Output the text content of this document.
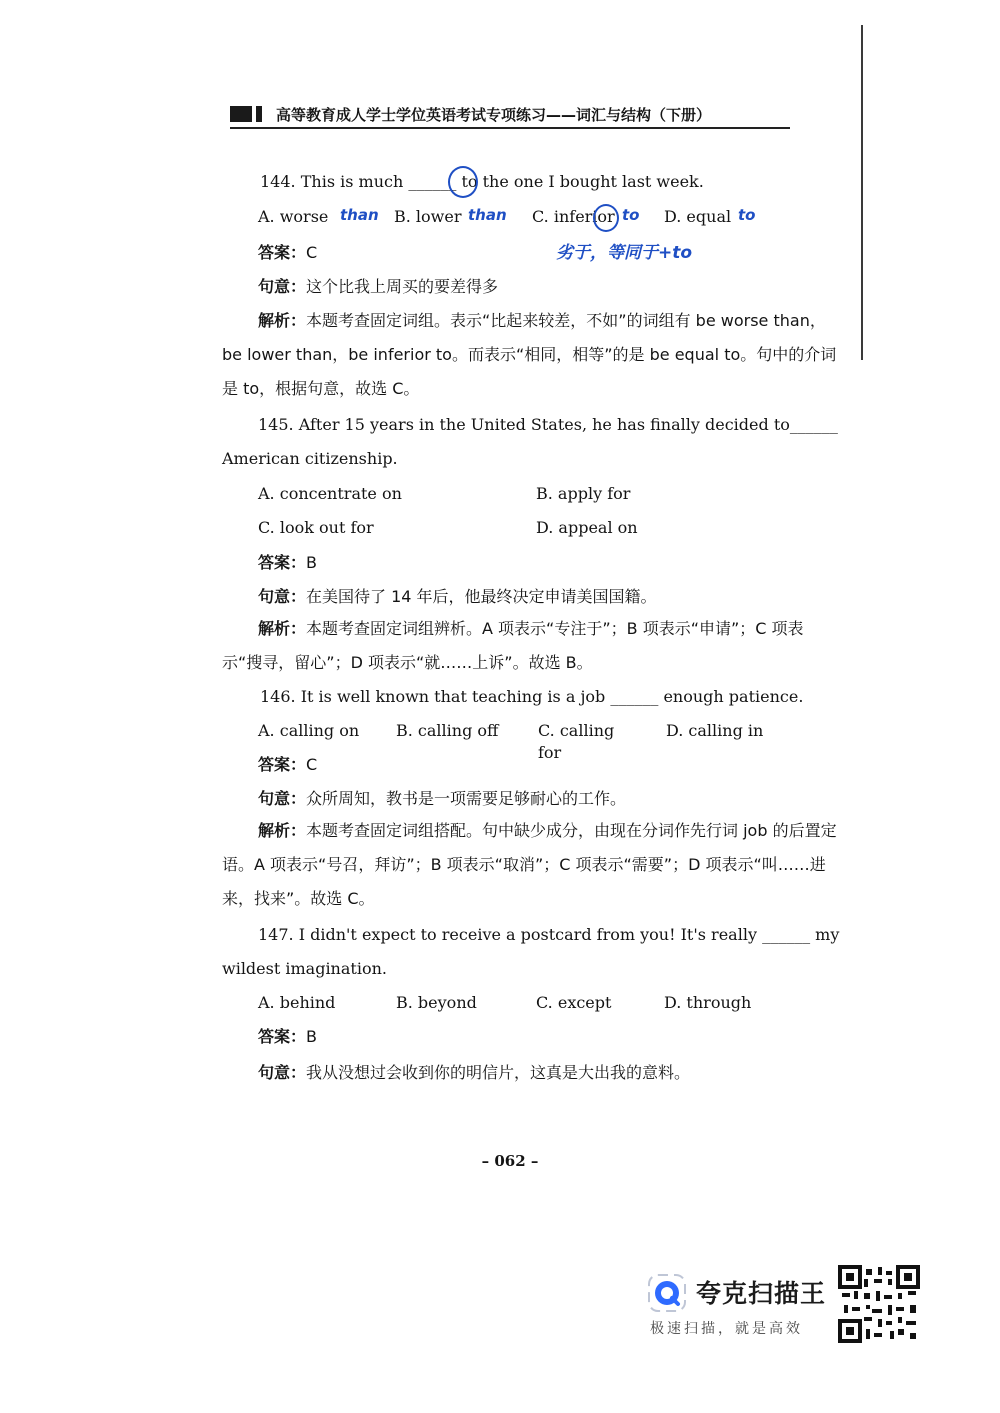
高等教育成人学士学位英语考试专项练习——词汇与结构（下册）
144. This is much ______ to the one I bought last week.
A. worse	B. lower	C. inferior	D. equal
than	than	to	to
答案：C	劣于，等同于+to
句意：这个比我上周买的要差得多
解析：本题考查固定词组。表示“比起来较差，不如”的词组有 be worse than，be lower than，be inferior to。而表示“相同，相等”的是 be equal to。句中的介词是 to，根据句意，故选 C。
145. After 15 years in the United States, he has finally decided to______ American citizenship.
A. concentrate on	B. apply for
C. look out for	D. appeal on
答案：B
句意：在美国待了 14 年后，他最终决定申请美国国籍。
解析：本题考查固定词组辨析。A 项表示“专注于”；B 项表示“申请”；C 项表示“搜寻，留心”；D 项表示“就……上诉”。故选 B。
146. It is well known that teaching is a job ______ enough patience.
A. calling on	B. calling off	C. calling for
D. calling in
答案：C
句意：众所周知，教书是一项需要足够耐心的工作。
解析：本题考查固定词组搭配。句中缺少成分，由现在分词作先行词 job 的后置定语。A 项表示“号召，拜访”；B 项表示“取消”；C 项表示“需要”；D 项表示“叫……进来，找来”。故选 C。
147. I didn't expect to receive a postcard from you! It's really ______ my wildest imagination.
A. behind	B. beyond	C. except	D. through
答案：B
句意：我从没想过会收到你的明信片，这真是大出我的意料。
– 062 –
夸克扫描王
极速扫描，就是高效
